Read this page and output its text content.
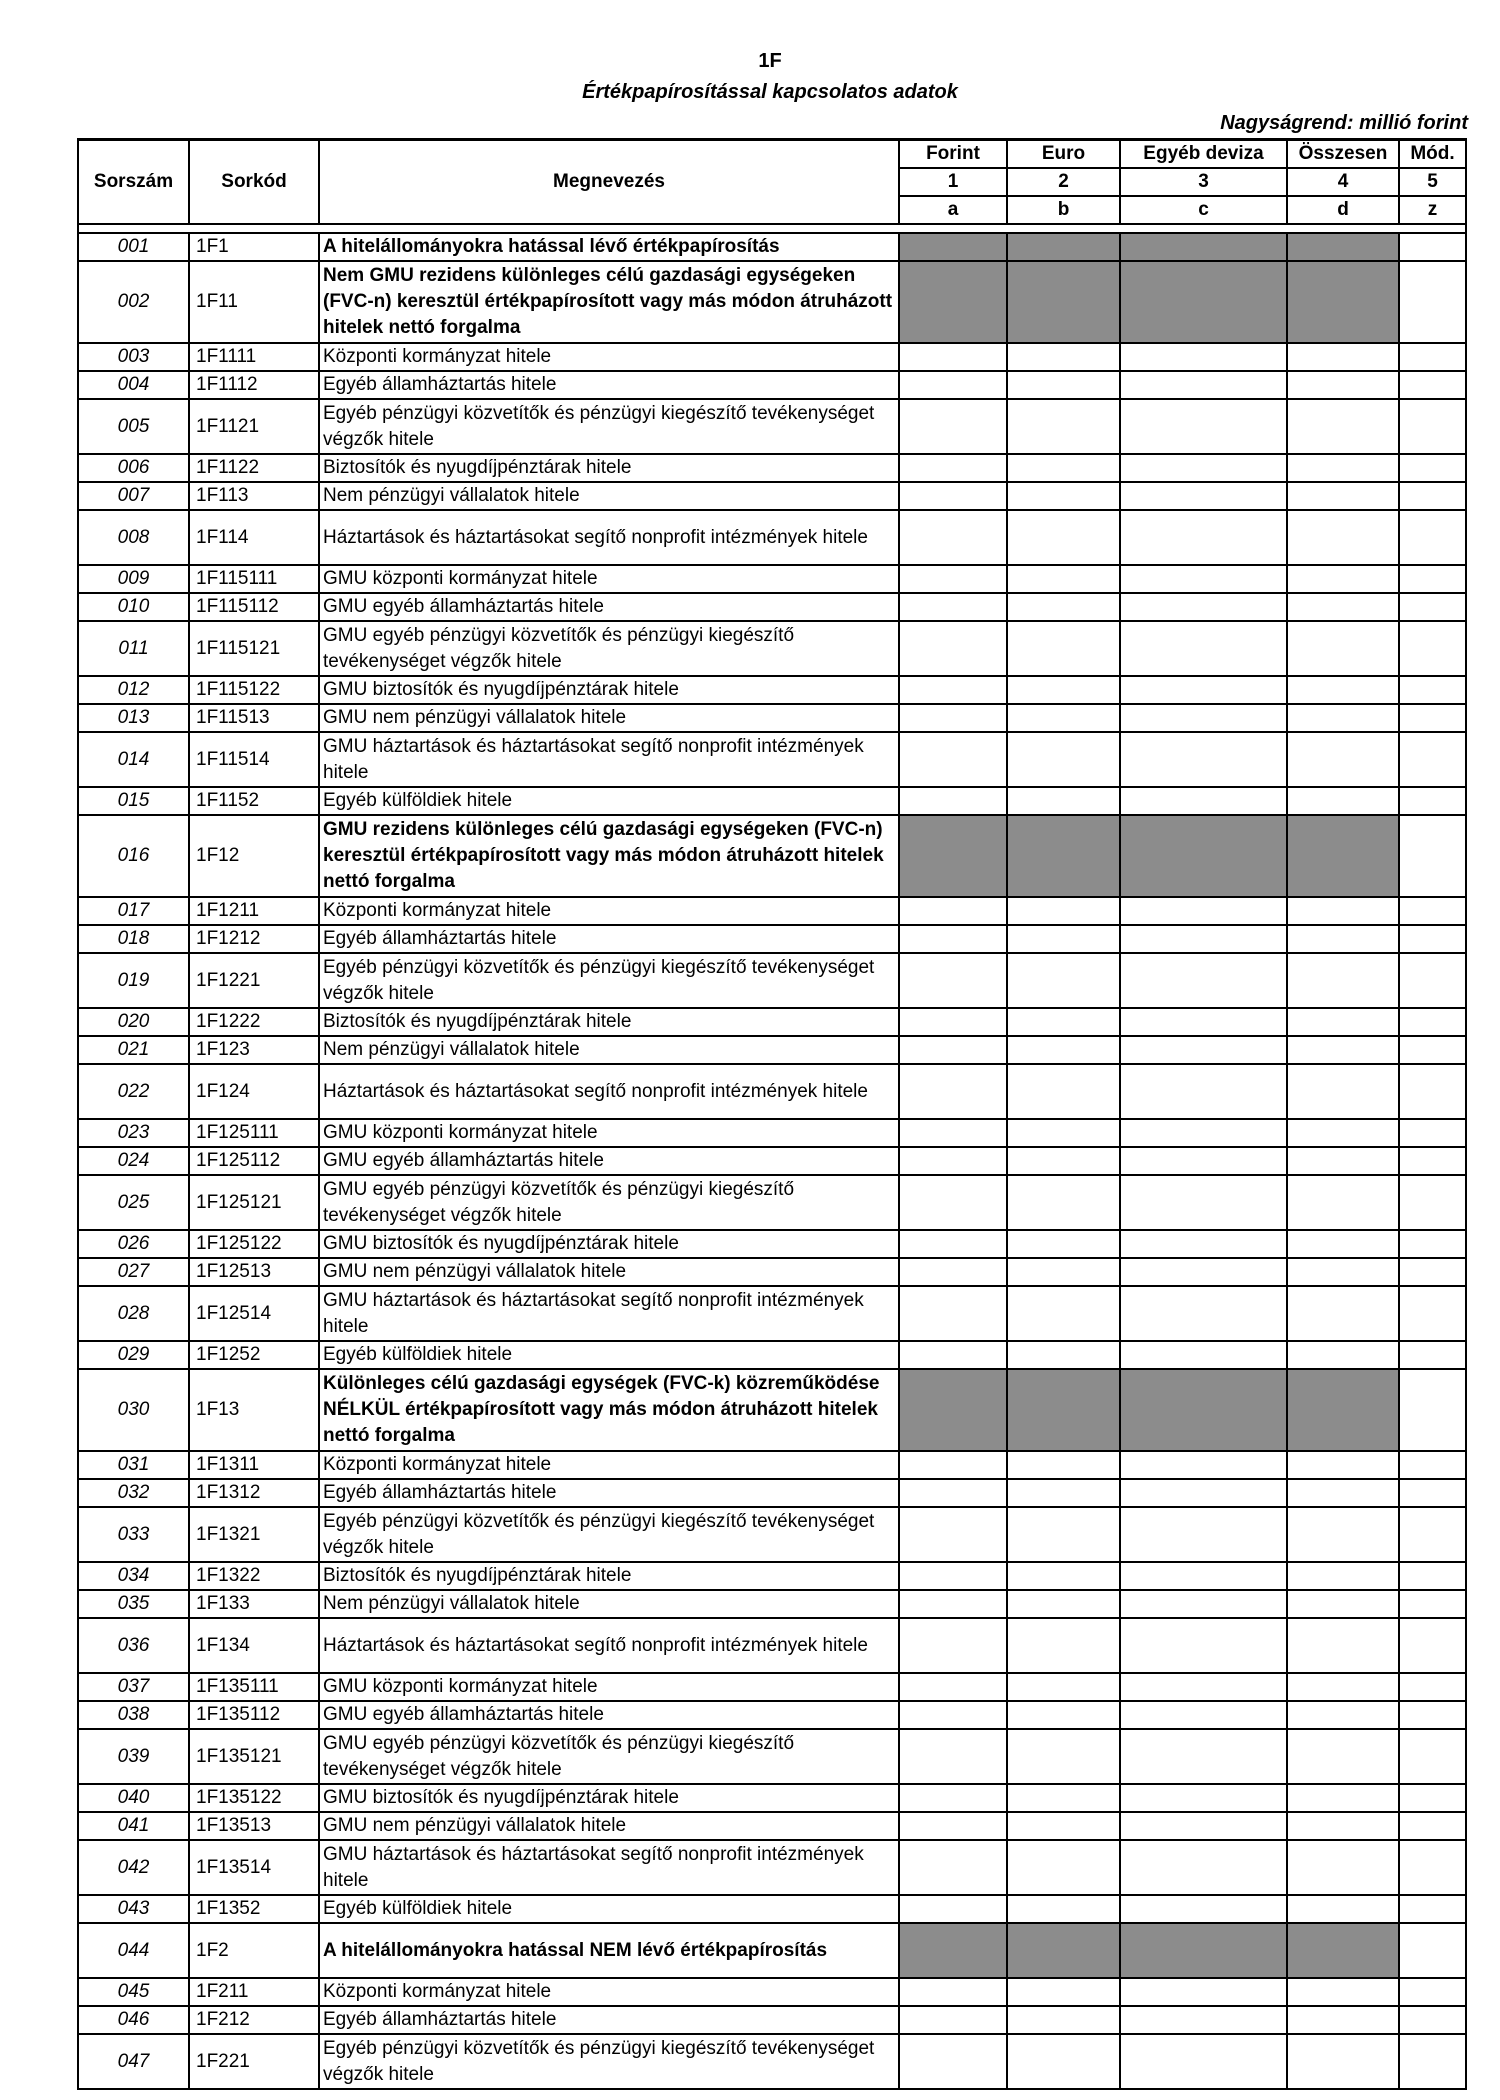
1F
Értékpapírosítással kapcsolatos adatok
Nagyságrend: millió forint
Sorszám	Sorkód	Megnevezés	Forint	Euro	Egyéb deviza	Összesen	Mód.
			1	2	3	4	5
			a	b	c	d	z

001	1F1	A hitelállományokra hatással lévő értékpapírosítás					
002	1F11	Nem GMU rezidens különleges célú gazdasági egységeken (FVC-n) keresztül értékpapírosított vagy más módon átruházott hitelek nettó forgalma					
003	1F1111	Központi kormányzat hitele					
004	1F1112	Egyéb államháztartás hitele					
005	1F1121	Egyéb pénzügyi közvetítők és pénzügyi kiegészítő tevékenységet végzők hitele					
006	1F1122	Biztosítók és nyugdíjpénztárak hitele					
007	1F113	Nem pénzügyi vállalatok hitele					
008	1F114	Háztartások és háztartásokat segítő nonprofit intézmények hitele					
009	1F115111	GMU központi kormányzat hitele					
010	1F115112	GMU egyéb államháztartás hitele					
011	1F115121	GMU egyéb pénzügyi közvetítők és pénzügyi kiegészítő tevékenységet végzők hitele					
012	1F115122	GMU biztosítók és nyugdíjpénztárak hitele					
013	1F11513	GMU nem pénzügyi vállalatok hitele					
014	1F11514	GMU háztartások és háztartásokat segítő nonprofit intézmények hitele					
015	1F1152	Egyéb külföldiek hitele					
016	1F12	GMU rezidens különleges célú gazdasági egységeken (FVC-n) keresztül értékpapírosított vagy más módon átruházott hitelek nettó forgalma					
017	1F1211	Központi kormányzat hitele					
018	1F1212	Egyéb államháztartás hitele					
019	1F1221	Egyéb pénzügyi közvetítők és pénzügyi kiegészítő tevékenységet végzők hitele					
020	1F1222	Biztosítók és nyugdíjpénztárak hitele					
021	1F123	Nem pénzügyi vállalatok hitele					
022	1F124	Háztartások és háztartásokat segítő nonprofit intézmények hitele					
023	1F125111	GMU központi kormányzat hitele					
024	1F125112	GMU egyéb államháztartás hitele					
025	1F125121	GMU egyéb pénzügyi közvetítők és pénzügyi kiegészítő tevékenységet végzők hitele					
026	1F125122	GMU biztosítók és nyugdíjpénztárak hitele					
027	1F12513	GMU nem pénzügyi vállalatok hitele					
028	1F12514	GMU háztartások és háztartásokat segítő nonprofit intézmények hitele					
029	1F1252	Egyéb külföldiek hitele					
030	1F13	Különleges célú gazdasági egységek (FVC-k) közreműködése NÉLKÜL értékpapírosított vagy más módon átruházott hitelek nettó forgalma					
031	1F1311	Központi kormányzat hitele					
032	1F1312	Egyéb államháztartás hitele					
033	1F1321	Egyéb pénzügyi közvetítők és pénzügyi kiegészítő tevékenységet végzők hitele					
034	1F1322	Biztosítók és nyugdíjpénztárak hitele					
035	1F133	Nem pénzügyi vállalatok hitele					
036	1F134	Háztartások és háztartásokat segítő nonprofit intézmények hitele					
037	1F135111	GMU központi kormányzat hitele					
038	1F135112	GMU egyéb államháztartás hitele					
039	1F135121	GMU egyéb pénzügyi közvetítők és pénzügyi kiegészítő tevékenységet végzők hitele					
040	1F135122	GMU biztosítók és nyugdíjpénztárak hitele					
041	1F13513	GMU nem pénzügyi vállalatok hitele					
042	1F13514	GMU háztartások és háztartásokat segítő nonprofit intézmények hitele					
043	1F1352	Egyéb külföldiek hitele					
044	1F2	A hitelállományokra hatással NEM lévő értékpapírosítás					
045	1F211	Központi kormányzat hitele					
046	1F212	Egyéb államháztartás hitele					
047	1F221	Egyéb pénzügyi közvetítők és pénzügyi kiegészítő tevékenységet végzők hitele					
